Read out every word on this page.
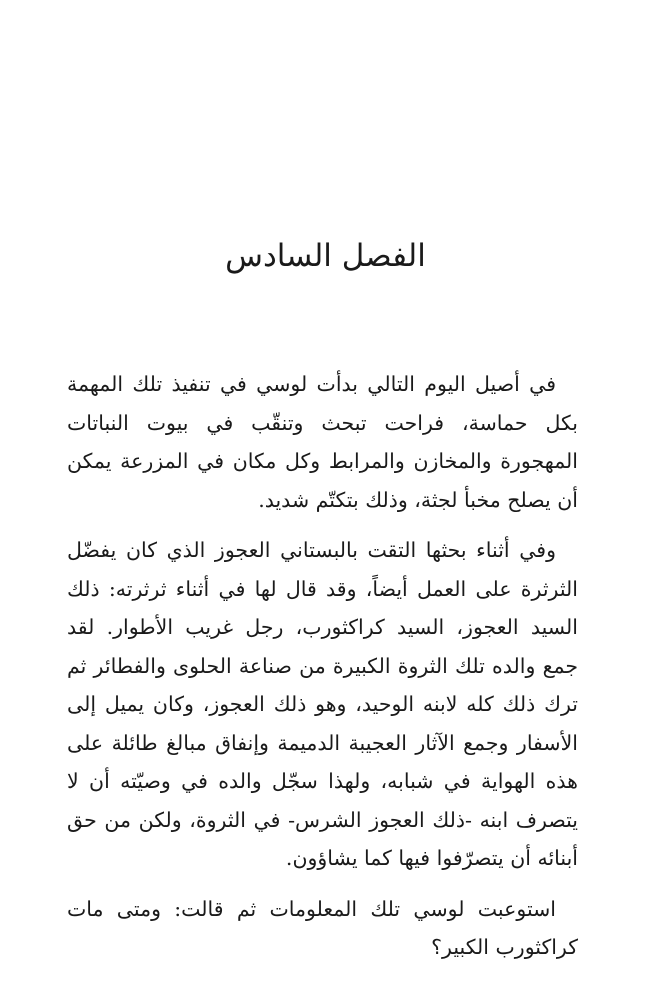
الفصل السادس

في أصيل اليوم التالي بدأت لوسي في تنفيذ تلك المهمة بكل حماسة، فراحت تبحث وتنقّب في بيوت النباتات المهجورة والمخازن والمرابط وكل مكان في المزرعة يمكن أن يصلح مخبأ لجثة، وذلك بتكتّم شديد.

وفي أثناء بحثها التقت بالبستاني العجوز الذي كان يفضّل الثرثرة على العمل أيضاً، وقد قال لها في أثناء ثرثرته: ذلك السيد العجوز، السيد كراكثورب، رجل غريب الأطوار. لقد جمع والده تلك الثروة الكبيرة من صناعة الحلوى والفطائر ثم ترك ذلك كله لابنه الوحيد، وهو ذلك العجوز، وكان يميل إلى الأسفار وجمع الآثار العجيبة الدميمة وإنفاق مبالغ طائلة على هذه الهواية في شبابه، ولهذا سجّل والده في وصيّته أن لا يتصرف ابنه -ذلك العجوز الشرس- في الثروة، ولكن من حق أبنائه أن يتصرّفوا فيها كما يشاؤون.

استوعبت لوسي تلك المعلومات ثم قالت: ومتى مات كراكثورب الكبير؟
